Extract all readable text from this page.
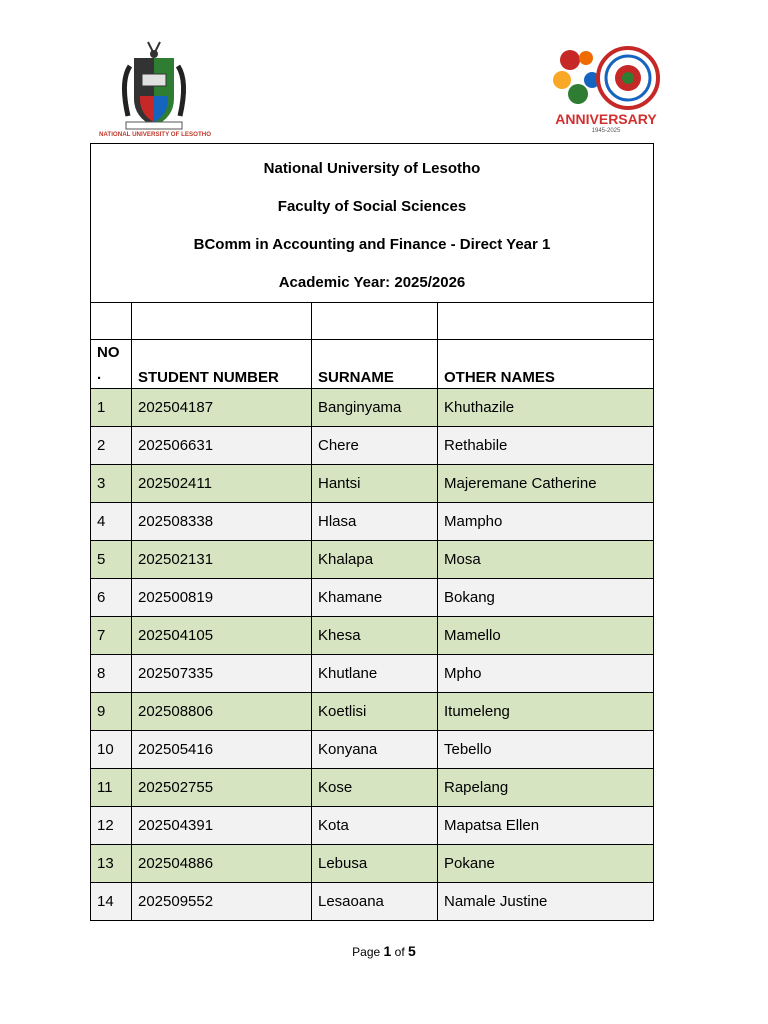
NATIONAL UNIVERSITY OF LESOTHO
ANNIVERSARY
1945-2025
National University of Lesotho
Faculty of Social Sciences
BComm in Accounting and Finance - Direct Year 1
Academic Year: 2025/2026			

NO
.	STUDENT NUMBER	SURNAME	OTHER NAMES
1	202504187	Banginyama	Khuthazile
2	202506631	Chere	Rethabile
3	202502411	Hantsi	Majeremane Catherine
4	202508338	Hlasa	Mampho
5	202502131	Khalapa	Mosa
6	202500819	Khamane	Bokang
7	202504105	Khesa	Mamello
8	202507335	Khutlane	Mpho
9	202508806	Koetlisi	Itumeleng
10	202505416	Konyana	Tebello
11	202502755	Kose	Rapelang
12	202504391	Kota	Mapatsa Ellen
13	202504886	Lebusa	Pokane
14	202509552	Lesaoana	Namale Justine
Page 1 of 5
